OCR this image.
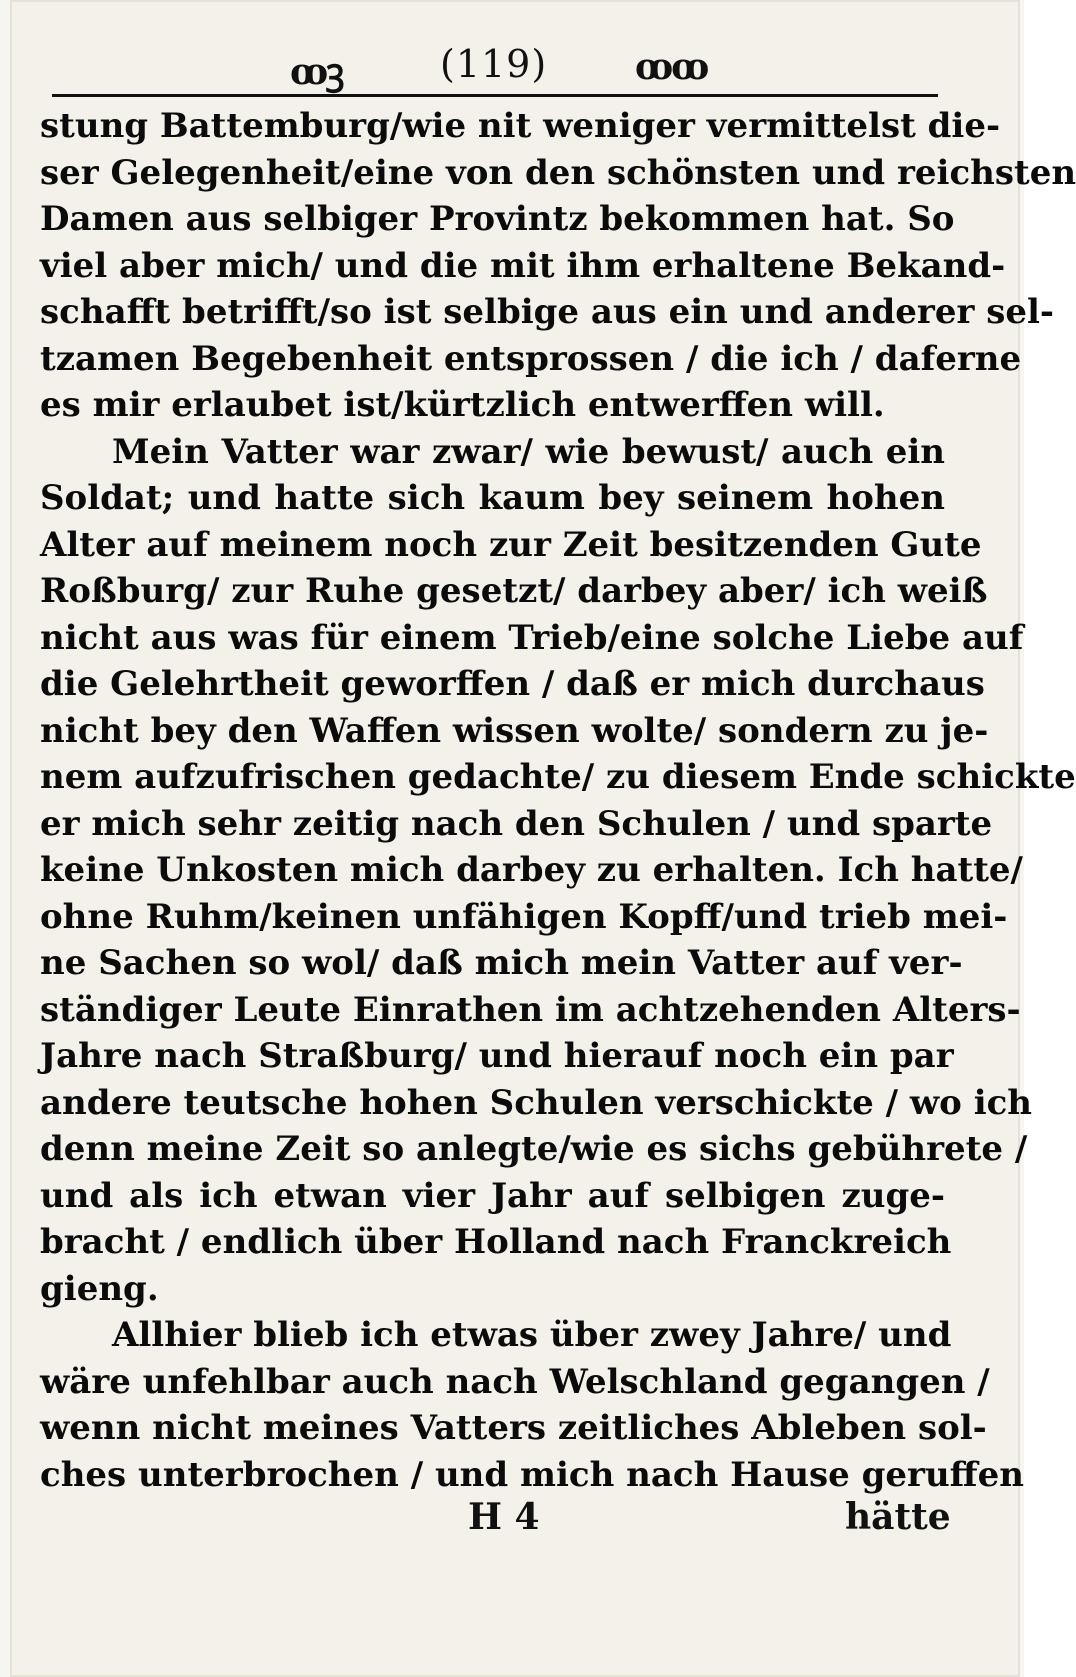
ꝏꝫ	(119) ꝏꝏ
stung Battemburg/wie nit weniger vermittelst die-
ser Gelegenheit/eine von den schönsten und reichsten
Damen aus selbiger Provintz bekommen hat. So
viel aber mich/ und die mit ihm erhaltene Bekand-
schafft betrifft/so ist selbige aus ein und anderer sel-
tzamen Begebenheit entsprossen / die ich / daferne
es mir erlaubet ist/kürtzlich entwerffen will.
Mein Vatter war zwar/ wie bewust/ auch ein
Soldat; und hatte sich kaum bey seinem hohen
Alter auf meinem noch zur Zeit besitzenden Gute
Roßburg/ zur Ruhe gesetzt/ darbey aber/ ich weiß
nicht aus was für einem Trieb/eine solche Liebe auf
die Gelehrtheit geworffen / daß er mich durchaus
nicht bey den Waffen wissen wolte/ sondern zu je-
nem aufzufrischen gedachte/ zu diesem Ende schickte
er mich sehr zeitig nach den Schulen / und sparte
keine Unkosten mich darbey zu erhalten. Ich hatte/
ohne Ruhm/keinen unfähigen Kopff/und trieb mei-
ne Sachen so wol/ daß mich mein Vatter auf ver-
ständiger Leute Einrathen im achtzehenden Alters-
Jahre nach Straßburg/ und hierauf noch ein par
andere teutsche hohen Schulen verschickte / wo ich
denn meine Zeit so anlegte/wie es sichs gebührete /
und als ich etwan vier Jahr auf selbigen zuge-
bracht / endlich über Holland nach Franckreich
gieng.
Allhier blieb ich etwas über zwey Jahre/ und
wäre unfehlbar auch nach Welschland gegangen /
wenn nicht meines Vatters zeitliches Ableben sol-
ches unterbrochen / und mich nach Hause geruffen
H 4	hätte
